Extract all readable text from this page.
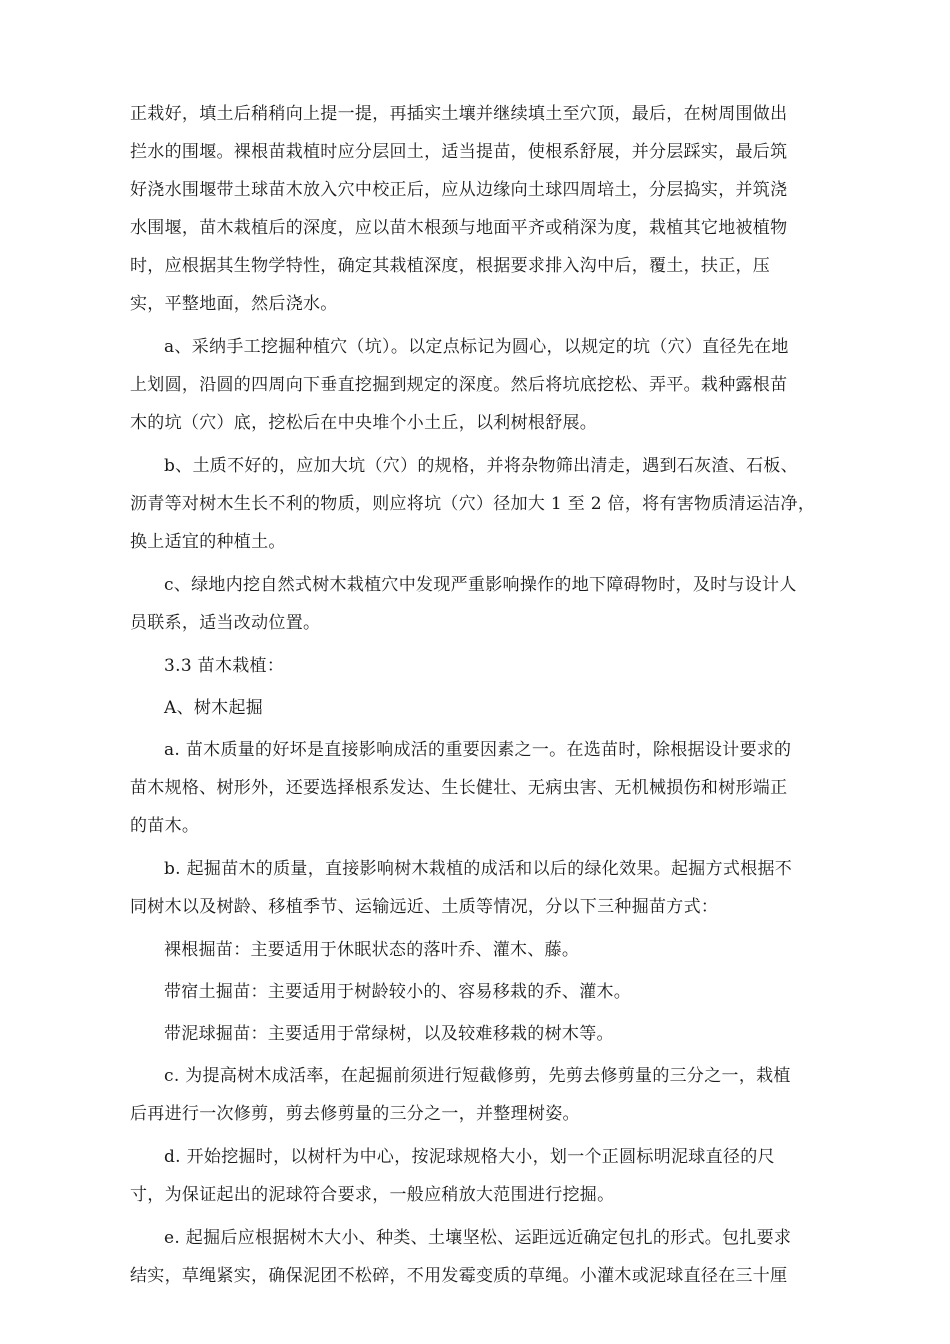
正栽好，填土后稍稍向上提一提，再插实土壤并继续填土至穴顶，最后，在树周围做出
拦水的围堰。裸根苗栽植时应分层回土，适当提苗，使根系舒展，并分层踩实，最后筑
好浇水围堰带土球苗木放入穴中校正后，应从边缘向土球四周培土，分层捣实，并筑浇
水围堰，苗木栽植后的深度，应以苗木根颈与地面平齐或稍深为度，栽植其它地被植物
时，应根据其生物学特性，确定其栽植深度，根据要求排入沟中后，覆土，扶正，压
实，平整地面，然后浇水。
a、采纳手工挖掘种植穴（坑）。以定点标记为圆心，以规定的坑（穴）直径先在地
上划圆，沿圆的四周向下垂直挖掘到规定的深度。然后将坑底挖松、弄平。栽种露根苗
木的坑（穴）底，挖松后在中央堆个小土丘，以利树根舒展。
b、土质不好的，应加大坑（穴）的规格，并将杂物筛出清走，遇到石灰渣、石板、
沥青等对树木生长不利的物质，则应将坑（穴）径加大 1 至 2 倍，将有害物质清运洁净，
换上适宜的种植土。
c、绿地内挖自然式树木栽植穴中发现严重影响操作的地下障碍物时，及时与设计人
员联系，适当改动位置。
3.3 苗木栽植：
A、树木起掘
a. 苗木质量的好坏是直接影响成活的重要因素之一。在选苗时，除根据设计要求的
苗木规格、树形外，还要选择根系发达、生长健壮、无病虫害、无机械损伤和树形端正
的苗木。
b. 起掘苗木的质量，直接影响树木栽植的成活和以后的绿化效果。起掘方式根据不
同树木以及树龄、移植季节、运输远近、土质等情况，分以下三种掘苗方式：
裸根掘苗：主要适用于休眠状态的落叶乔、灌木、藤。
带宿土掘苗：主要适用于树龄较小的、容易移栽的乔、灌木。
带泥球掘苗：主要适用于常绿树，以及较难移栽的树木等。
c. 为提高树木成活率，在起掘前须进行短截修剪，先剪去修剪量的三分之一，栽植
后再进行一次修剪，剪去修剪量的三分之一，并整理树姿。
d. 开始挖掘时，以树杆为中心，按泥球规格大小，划一个正圆标明泥球直径的尺
寸，为保证起出的泥球符合要求，一般应稍放大范围进行挖掘。
e. 起掘后应根据树木大小、种类、土壤坚松、运距远近确定包扎的形式。包扎要求
结实，草绳紧实，确保泥团不松碎，不用发霉变质的草绳。小灌木或泥球直径在三十厘
